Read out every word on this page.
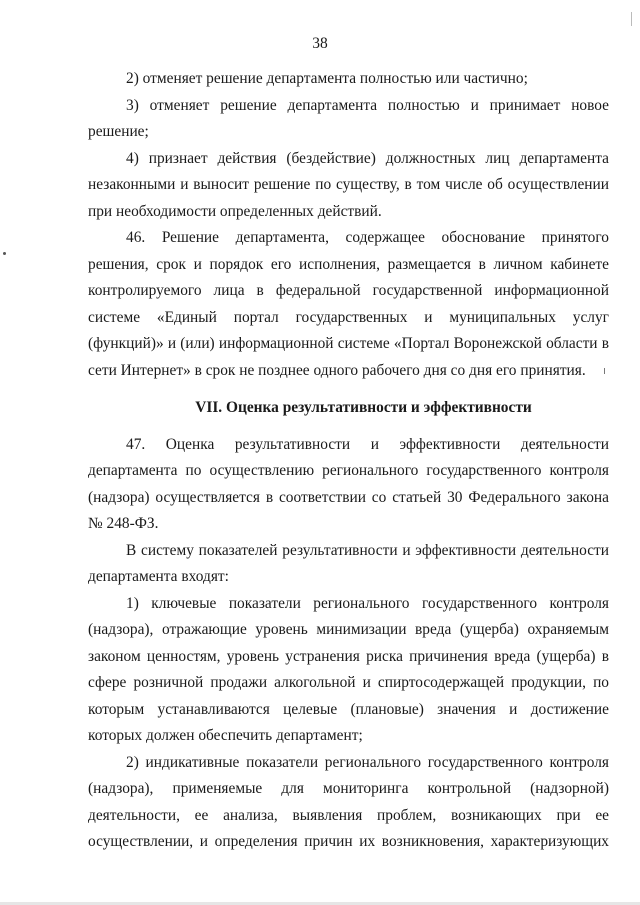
38

2) отменяет решение департамента полностью или частично;

3) отменяет решение департамента полностью и принимает новое решение;

4) признает действия (бездействие) должностных лиц департамента незаконными и выносит решение по существу, в том числе об осуществлении при необходимости определенных действий.

46. Решение департамента, содержащее обоснование принятого решения, срок и порядок его исполнения, размещается в личном кабинете контролируемого лица в федеральной государственной информационной системе «Единый портал государственных и муниципальных услуг (функций)» и (или) информационной системе «Портал Воронежской области в сети Интернет» в срок не позднее одного рабочего дня со дня его принятия.

VII. Оценка результативности и эффективности

47. Оценка результативности и эффективности деятельности департамента по осуществлению регионального государственного контроля (надзора) осуществляется в соответствии со статьей 30 Федерального закона № 248-ФЗ.

В систему показателей результативности и эффективности деятельности департамента входят:

1) ключевые показатели регионального государственного контроля (надзора), отражающие уровень минимизации вреда (ущерба) охраняемым законом ценностям, уровень устранения риска причинения вреда (ущерба) в сфере розничной продажи алкогольной и спиртосодержащей продукции, по которым устанавливаются целевые (плановые) значения и достижение которых должен обеспечить департамент;

2) индикативные показатели регионального государственного контроля (надзора), применяемые для мониторинга контрольной (надзорной) деятельности, ее анализа, выявления проблем, возникающих при ее осуществлении, и определения причин их возникновения, характеризующих
